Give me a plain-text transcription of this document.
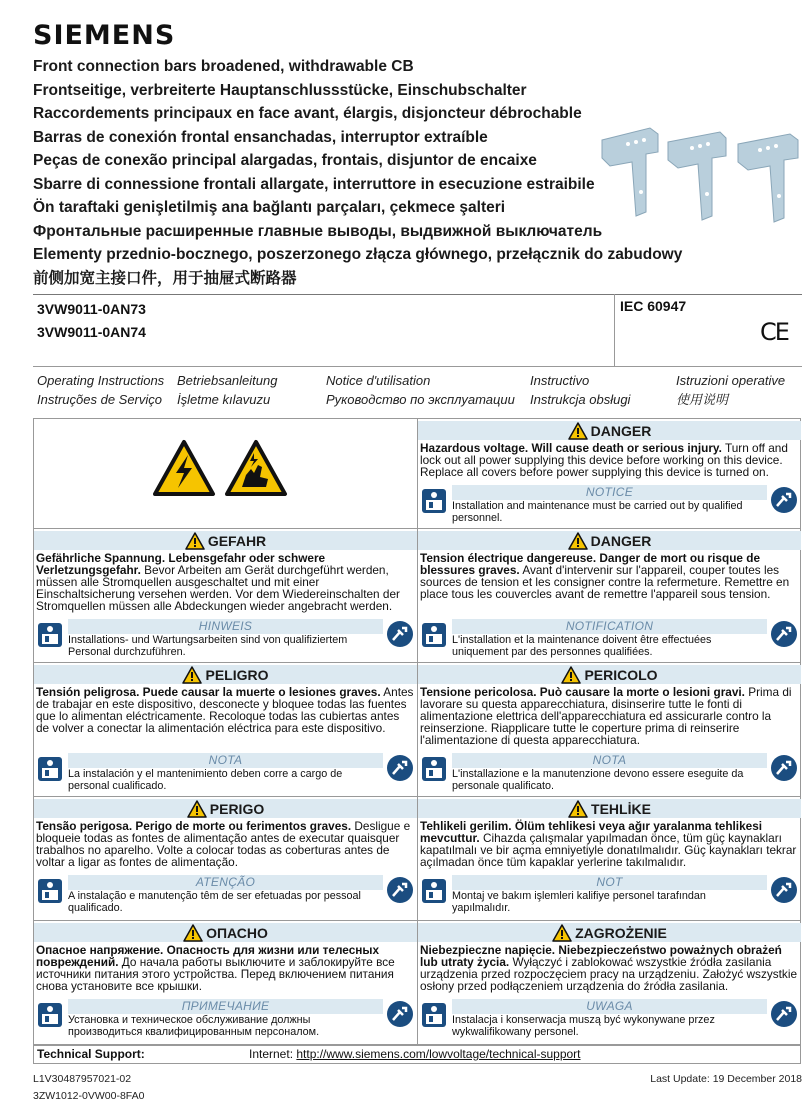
SIEMENS
Front connection bars broadened, withdrawable CB
Frontseitige, verbreiterte Hauptanschlussstücke, Einschubschalter
Raccordements principaux en face avant, élargis, disjoncteur débrochable
Barras de conexión frontal ensanchadas, interruptor extraíble
Peças de conexão principal alargadas, frontais, disjuntor de encaixe
Sbarre di connessione frontali allargate, interruttore in esecuzione estraibile
Ön taraftaki genişletilmiş ana bağlantı parçaları, çekmece şalteri
Фронтальные расширенные главные выводы, выдвижной выключатель
Elementy przednio-bocznego, poszerzonego złącza głównego, przełącznik do zabudowy
前侧加宽主接口件，用于抽屉式断路器
3VW9011-0AN73
3VW9011-0AN74
IEC 60947
CE
Operating Instructions
Instruções de Serviço
Betriebsanleitung
İşletme kılavuzu
Notice d'utilisation
Руководство по эксплуатации
Instructivo
Instrukcja obsługi
Istruzioni operative
使用说明
DANGER
Hazardous voltage. Will cause death or serious injury. Turn off and lock out all power supplying this device before working on this device. Replace all covers before power supplying this device is turned on.
NOTICE
Installation and maintenance must be carried out by qualified personnel.
GEFAHR
Gefährliche Spannung. Lebensgefahr oder schwere Verletzungsgefahr. Bevor Arbeiten am Gerät durchgeführt werden, müssen alle Stromquellen ausgeschaltet und mit einer Einschaltsicherung versehen werden. Vor dem Wiedereinschalten der Stromquellen müssen alle Abdeckungen wieder angebracht werden.
HINWEIS
Installations- und Wartungsarbeiten sind von qualifiziertem Personal durchzuführen.
DANGER
Tension électrique dangereuse. Danger de mort ou risque de blessures graves. Avant d'intervenir sur l'appareil, couper toutes les sources de tension et les consigner contre la refermeture. Remettre en place tous les couvercles avant de remettre l'appareil sous tension.
NOTIFICATION
L'installation et la maintenance doivent être effectuées uniquement par des personnes qualifiées.
PELIGRO
Tensión peligrosa. Puede causar la muerte o lesiones graves. Antes de trabajar en este dispositivo, desconecte y bloquee todas las fuentes que lo alimentan eléctricamente. Recoloque todas las cubiertas antes de volver a conectar la alimentación eléctrica para este dispositivo.
NOTA
La instalación y el mantenimiento deben corre a cargo de personal cualificado.
PERICOLO
Tensione pericolosa. Può causare la morte o lesioni gravi. Prima di lavorare su questa apparecchiatura, disinserire tutte le fonti di alimentazione elettrica dell'apparecchiatura ed assicurarle contro la reinserzione. Riapplicare tutte le coperture prima di reinserire l'alimentazione di questa apparecchiatura.
NOTA
L'installazione e la manutenzione devono essere eseguite da personale qualificato.
PERIGO
Tensão perigosa. Perigo de morte ou ferimentos graves. Desligue e bloqueie todas as fontes de alimentação antes de executar quaisquer trabalhos no aparelho. Volte a colocar todas as coberturas antes de voltar a ligar as fontes de alimentação.
ATENÇÃO
A instalação e manutenção têm de ser efetuadas por pessoal qualificado.
TEHLİKE
Tehlikeli gerilim. Ölüm tehlikesi veya ağır yaralanma tehlikesi mevcuttur. Cihazda çalışmalar yapılmadan önce, tüm güç kaynakları kapatılmalı ve bir açma emniyetiyle donatılmalıdır. Güç kaynakları tekrar açılmadan önce tüm kapaklar yerlerine takılmalıdır.
NOT
Montaj ve bakım işlemleri kalifiye personel tarafından yapılmalıdır.
ОПАСНО
Опасное напряжение. Опасность для жизни или телесных повреждений. До начала работы выключите и заблокируйте все источники питания этого устройства. Перед включением питания снова установите все крышки.
ПРИМЕЧАНИЕ
Установка и техническое обслуживание должны производиться квалифицированным персоналом.
ZAGROŻENIE
Niebezpieczne napięcie. Niebezpieczeństwo poważnych obrażeń lub utraty życia. Wyłączyć i zablokować wszystkie źródła zasilania urządzenia przed rozpoczęciem pracy na urządzeniu. Założyć wszystkie osłony przed podłączeniem urządzenia do źródła zasilania.
UWAGA
Instalacja i konserwacja muszą być wykonywane przez wykwalifikowany personel.
Technical Support:	Internet: http://www.siemens.com/lowvoltage/technical-support
L1V30487957021-02
3ZW1012-0VW00-8FA0
Last Update: 19 December 2018
